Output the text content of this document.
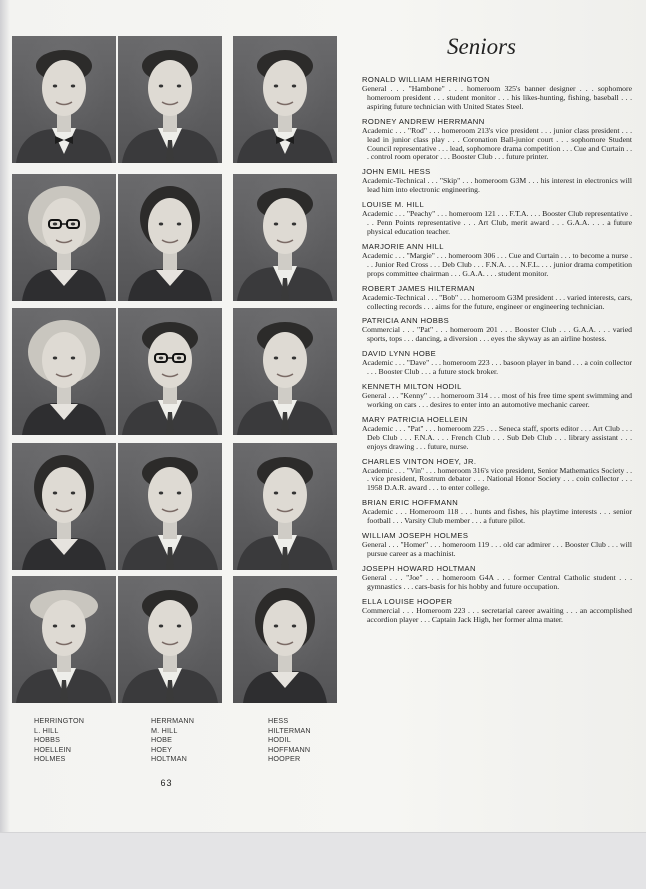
HERRINGTON
L. HILL
HOBBS
HOELLEIN
HOLMES
HERRMANN
M. HILL
HOBE
HOEY
HOLTMAN
HESS
HILTERMAN
HODIL
HOFFMANN
HOOPER
63
Seniors
RONALD WILLIAM HERRINGTON
General . . . "Hambone" . . . homeroom 325's banner designer . . . sophomore homeroom president . . . student monitor . . . his likes-hunting, fishing, baseball . . . aspiring future technician with United States Steel.
RODNEY ANDREW HERRMANN
Academic . . . "Rod" . . . homeroom 213's vice president . . . junior class president . . . lead in junior class play . . . Coronation Ball-junior court . . . sophomore Student Council representative . . . lead, sophomore drama competition . . . Cue and Curtain . . . control room operator . . . Booster Club . . . future printer.
JOHN EMIL HESS
Academic-Technical . . . "Skip" . . . homeroom G3M . . . his interest in electronics will lead him into electronic engineering.
LOUISE M. HILL
Academic . . . "Peachy" . . . homeroom 121 . . . F.T.A. . . . Booster Club representative . . . Penn Points representative . . . Art Club, merit award . . . G.A.A. . . . a future physical education teacher.
MARJORIE ANN HILL
Academic . . . "Margie" . . . homeroom 306 . . . Cue and Curtain . . . to become a nurse . . . Junior Red Cross . . . Deb Club . . . F.N.A. . . . N.F.L. . . . junior drama competition props committee chairman . . . G.A.A. . . . student monitor.
ROBERT JAMES HILTERMAN
Academic-Technical . . . "Bob" . . . homeroom G3M president . . . varied interests, cars, collecting records . . . aims for the future, engineer or engineering technician.
PATRICIA ANN HOBBS
Commercial . . . "Pat" . . . homeroom 201 . . . Booster Club . . . G.A.A. . . . varied sports, tops . . . dancing, a diversion . . . eyes the skyway as an airline hostess.
DAVID LYNN HOBE
Academic . . . "Dave" . . . homeroom 223 . . . basoon player in band . . . a coin collector . . . Booster Club . . . a future stock broker.
KENNETH MILTON HODIL
General . . . "Kenny" . . . homeroom 314 . . . most of his free time spent swimming and working on cars . . . desires to enter into an automotive mechanic career.
MARY PATRICIA HOELLEIN
Academic . . . "Pat" . . . homeroom 225 . . . Seneca staff, sports editor . . . Art Club . . . Deb Club . . . F.N.A. . . . French Club . . . Sub Deb Club . . . library assistant . . . enjoys drawing . . . future, nurse.
CHARLES VINTON HOEY, JR.
Academic . . . "Vin" . . . homeroom 316's vice president, Senior Mathematics Society . . . vice president, Rostrum debator . . . National Honor Society . . . coin collector . . . 1958 D.A.R. award . . . to enter college.
BRIAN ERIC HOFFMANN
Academic . . . Homeroom 118 . . . hunts and fishes, his playtime interests . . . senior football . . . Varsity Club member . . . a future pilot.
WILLIAM JOSEPH HOLMES
General . . . "Homer" . . . homeroom 119 . . . old car admirer . . . Booster Club . . . will pursue career as a machinist.
JOSEPH HOWARD HOLTMAN
General . . . "Joe" . . . homeroom G4A . . . former Central Catholic student . . . gymnastics . . . cars-basis for his hobby and future occupation.
ELLA LOUISE HOOPER
Commercial . . . Homeroom 223 . . . secretarial career awaiting . . . an accomplished accordion player . . . Captain Jack High, her former alma mater.
